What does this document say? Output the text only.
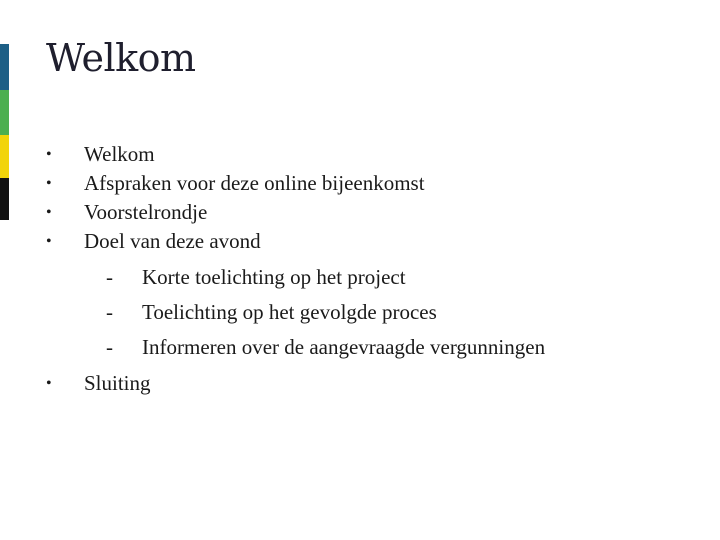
Welkom
•	Welkom
•	Afspraken voor deze online bijeenkomst
•	Voorstelrondje
•	Doel van deze avond
-	Korte toelichting op het project
-	Toelichting op het gevolgde proces
-	Informeren over de aangevraagde vergunningen
•	Sluiting
